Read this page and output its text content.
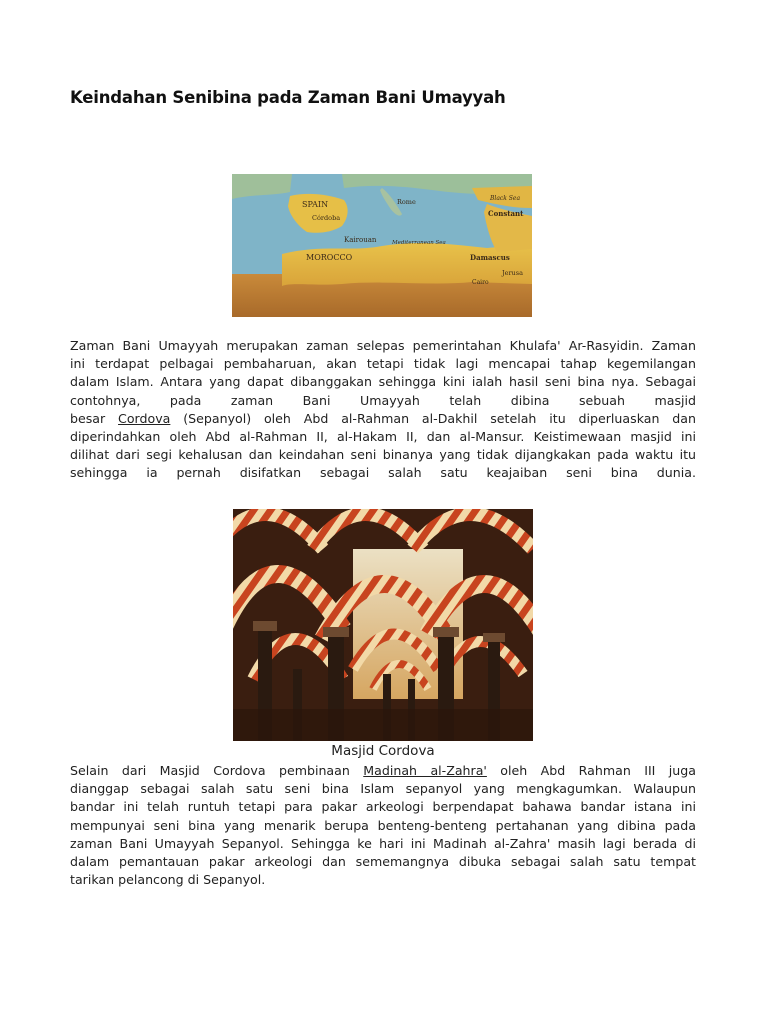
Keindahan Senibina pada Zaman Bani Umayyah
SPAIN
Córdoba
Rome	Black Sea
Constant
Kairouan	Mediterranean Sea
MOROCCO	Damascus
Jerusa
Cairo
Zaman Bani Umayyah merupakan zaman selepas pemerintahan Khulafa' Ar-Rasyidin. Zaman
ini terdapat pelbagai pembaharuan, akan tetapi tidak lagi mencapai tahap kegemilangan
dalam Islam. Antara yang dapat dibanggakan sehingga kini ialah hasil seni bina nya. Sebagai
contohnya, pada zaman Bani Umayyah telah dibina sebuah masjid
besar Cordova (Sepanyol) oleh Abd al-Rahman al-Dakhil setelah itu diperluaskan dan
diperindahkan oleh Abd al-Rahman II, al-Hakam II, dan al-Mansur. Keistimewaan masjid ini
dilihat dari segi kehalusan dan keindahan seni binanya yang tidak dijangkakan pada waktu itu
sehingga ia pernah disifatkan sebagai salah satu keajaiban seni bina dunia.

Masjid Cordova

Selain dari Masjid Cordova pembinaan Madinah al-Zahra' oleh Abd Rahman III juga
dianggap sebagai salah satu seni bina Islam sepanyol yang mengkagumkan. Walaupun
bandar ini telah runtuh tetapi para pakar arkeologi berpendapat bahawa bandar istana ini
mempunyai seni bina yang menarik berupa benteng-benteng pertahanan yang dibina pada
zaman Bani Umayyah Sepanyol. Sehingga ke hari ini Madinah al-Zahra' masih lagi berada di
dalam pemantauan pakar arkeologi dan sememangnya dibuka sebagai salah satu tempat
tarikan pelancong di Sepanyol.
